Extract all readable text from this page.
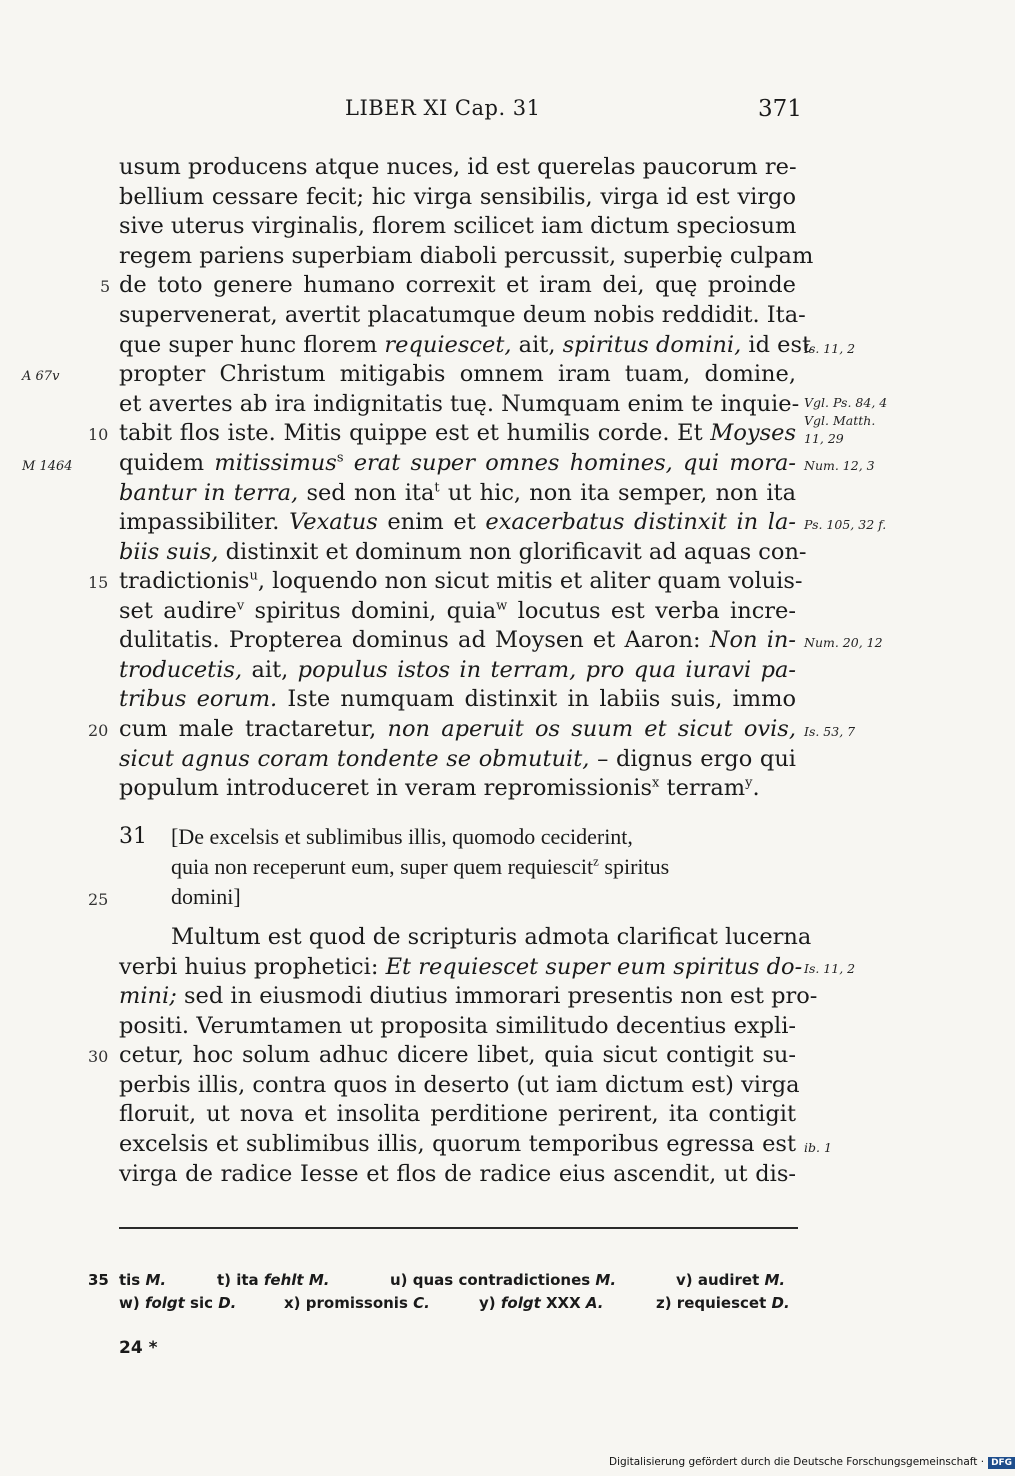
LIBER XI Cap. 31	371
usum producens atque nuces, id est querelas paucorum re-
bellium cessare fecit; hic virga sensibilis, virga id est virgo
sive uterus virginalis, florem scilicet iam dictum speciosum
regem pariens superbiam diaboli percussit, superbię culpam
de toto genere humano correxit et iram dei, quę proinde
5
supervenerat, avertit placatumque deum nobis reddidit. Ita-
que super hunc florem requiescet, ait, spiritus domini, id est
propter Christum mitigabis omnem iram tuam, domine,
et avertes ab ira indignitatis tuę. Numquam enim te inquie-
tabit flos iste. Mitis quippe est et humilis corde. Et Moyses
10
quidem mitissimus$^s$ erat super omnes homines, qui mora-
bantur in terra, sed non ita$^t$ ut hic, non ita semper, non ita
impassibiliter. Vexatus enim et exacerbatus distinxit in la-
biis suis, distinxit et dominum non glorificavit ad aquas con-
tradictionis$^u$, loquendo non sicut mitis et aliter quam voluis-
15
set audire$^v$ spiritus domini, quia$^w$ locutus est verba incre-
dulitatis. Propterea dominus ad Moysen et Aaron: Non in-
troducetis, ait, populus istos in terram, pro qua iuravi pa-
tribus eorum. Iste numquam distinxit in labiis suis, immo
cum male tractaretur, non aperuit os suum et sicut ovis,
20
sicut agnus coram tondente se obmutuit, – dignus ergo qui
populum introduceret in veram repromissionis$^x$ terram$^y$.
31 [De excelsis et sublimibus illis, quomodo ceciderint,
quia non receperunt eum, super quem requiescit$^z$ spiritus
domini]
25
Multum est quod de scripturis admota clarificat lucerna
verbi huius prophetici: Et requiescet super eum spiritus do-
mini; sed in eiusmodi diutius immorari presentis non est pro-
positi. Verumtamen ut proposita similitudo decentius expli-
cetur, hoc solum adhuc dicere libet, quia sicut contigit su-
30
perbis illis, contra quos in deserto (ut iam dictum est) virga
floruit, ut nova et insolita perditione perirent, ita contigit
excelsis et sublimibus illis, quorum temporibus egressa est
virga de radice Iesse et flos de radice eius ascendit, ut dis-
A 67v
M 1464
Is. 11, 2
Vgl. Ps. 84, 4
Vgl. Matth.
11, 29
Num. 12, 3
Ps. 105, 32 f.
Num. 20, 12
Is. 53, 7
Is. 11, 2
ib. 1
35 tis M.	t) ita fehlt M.	u) quas contradictiones M.	v) audiret M.
w) folgt sic D.	x) promissonis C.	y) folgt XXX A.	z) requiescet D.
24 *
Digitalisierung gefördert durch die Deutsche Forschungsgemeinschaft · DFG
